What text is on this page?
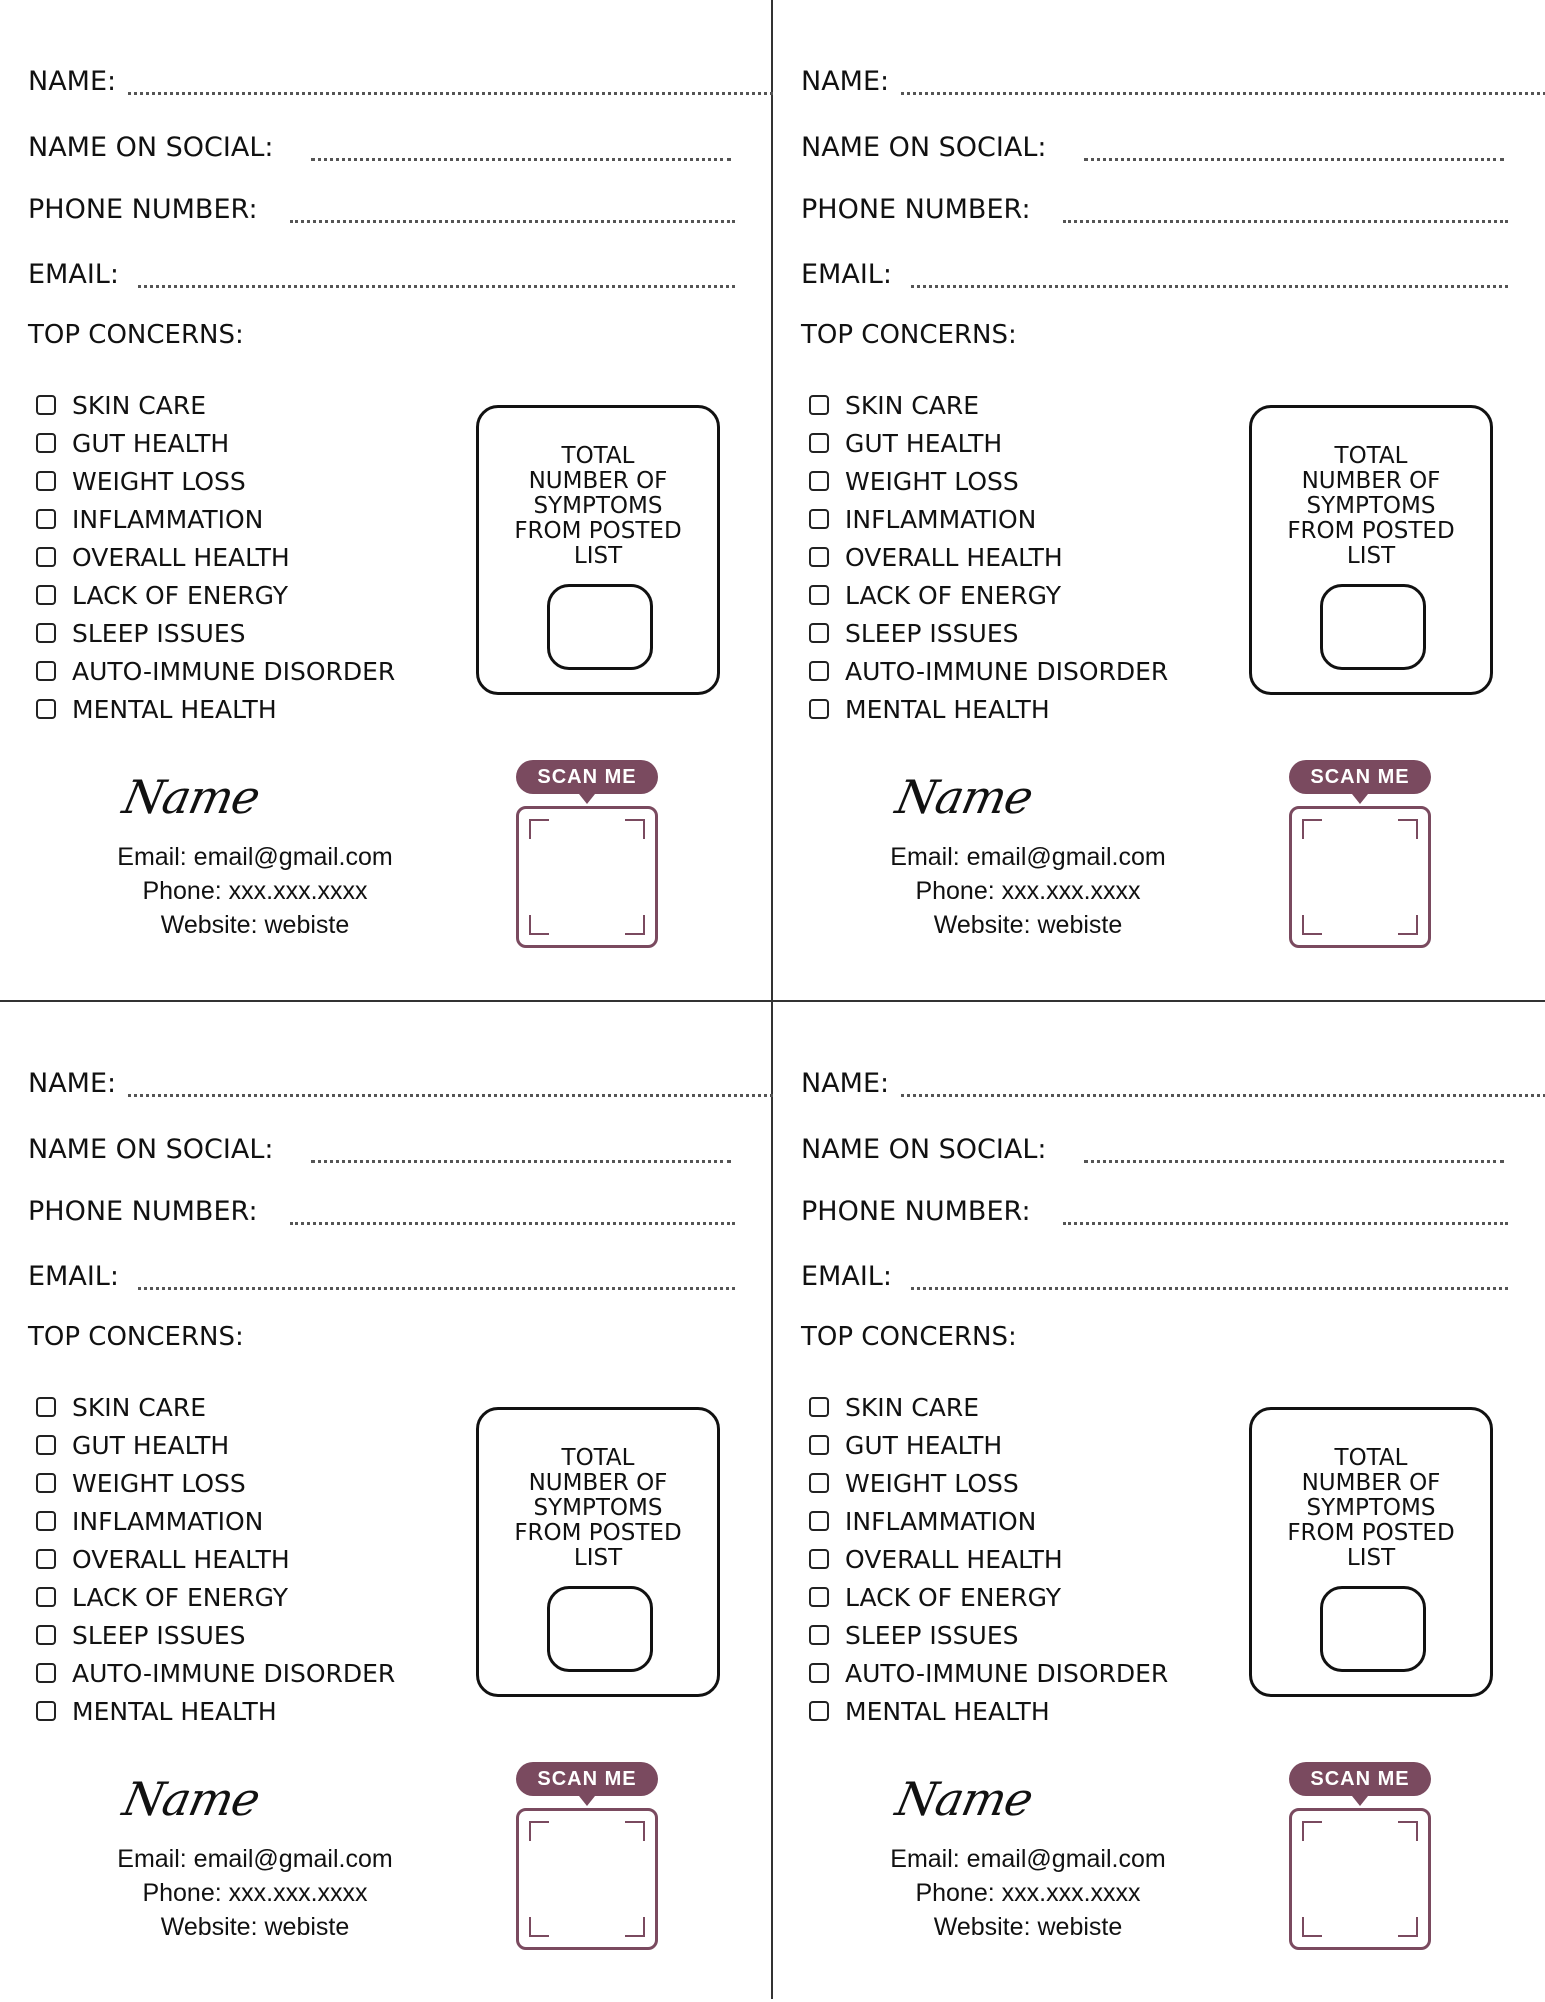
NAME:
NAME ON SOCIAL:
PHONE NUMBER:
EMAIL:
TOP CONCERNS:
SKIN CARE
GUT HEALTH
WEIGHT LOSS
INFLAMMATION
OVERALL HEALTH
LACK OF ENERGY
SLEEP ISSUES
AUTO-IMMUNE DISORDER
MENTAL HEALTH
TOTAL
NUMBER OF
SYMPTOMS
FROM POSTED
LIST
Name
Email: email@gmail.com
Phone: xxx.xxx.xxxx
Website: webiste
SCAN ME
NAME:
NAME ON SOCIAL:
PHONE NUMBER:
EMAIL:
TOP CONCERNS:
SKIN CARE
GUT HEALTH
WEIGHT LOSS
INFLAMMATION
OVERALL HEALTH
LACK OF ENERGY
SLEEP ISSUES
AUTO-IMMUNE DISORDER
MENTAL HEALTH
TOTAL
NUMBER OF
SYMPTOMS
FROM POSTED
LIST
Name
Email: email@gmail.com
Phone: xxx.xxx.xxxx
Website: webiste
SCAN ME
NAME:
NAME ON SOCIAL:
PHONE NUMBER:
EMAIL:
TOP CONCERNS:
SKIN CARE
GUT HEALTH
WEIGHT LOSS
INFLAMMATION
OVERALL HEALTH
LACK OF ENERGY
SLEEP ISSUES
AUTO-IMMUNE DISORDER
MENTAL HEALTH
TOTAL
NUMBER OF
SYMPTOMS
FROM POSTED
LIST
Name
Email: email@gmail.com
Phone: xxx.xxx.xxxx
Website: webiste
SCAN ME
NAME:
NAME ON SOCIAL:
PHONE NUMBER:
EMAIL:
TOP CONCERNS:
SKIN CARE
GUT HEALTH
WEIGHT LOSS
INFLAMMATION
OVERALL HEALTH
LACK OF ENERGY
SLEEP ISSUES
AUTO-IMMUNE DISORDER
MENTAL HEALTH
TOTAL
NUMBER OF
SYMPTOMS
FROM POSTED
LIST
Name
Email: email@gmail.com
Phone: xxx.xxx.xxxx
Website: webiste
SCAN ME
